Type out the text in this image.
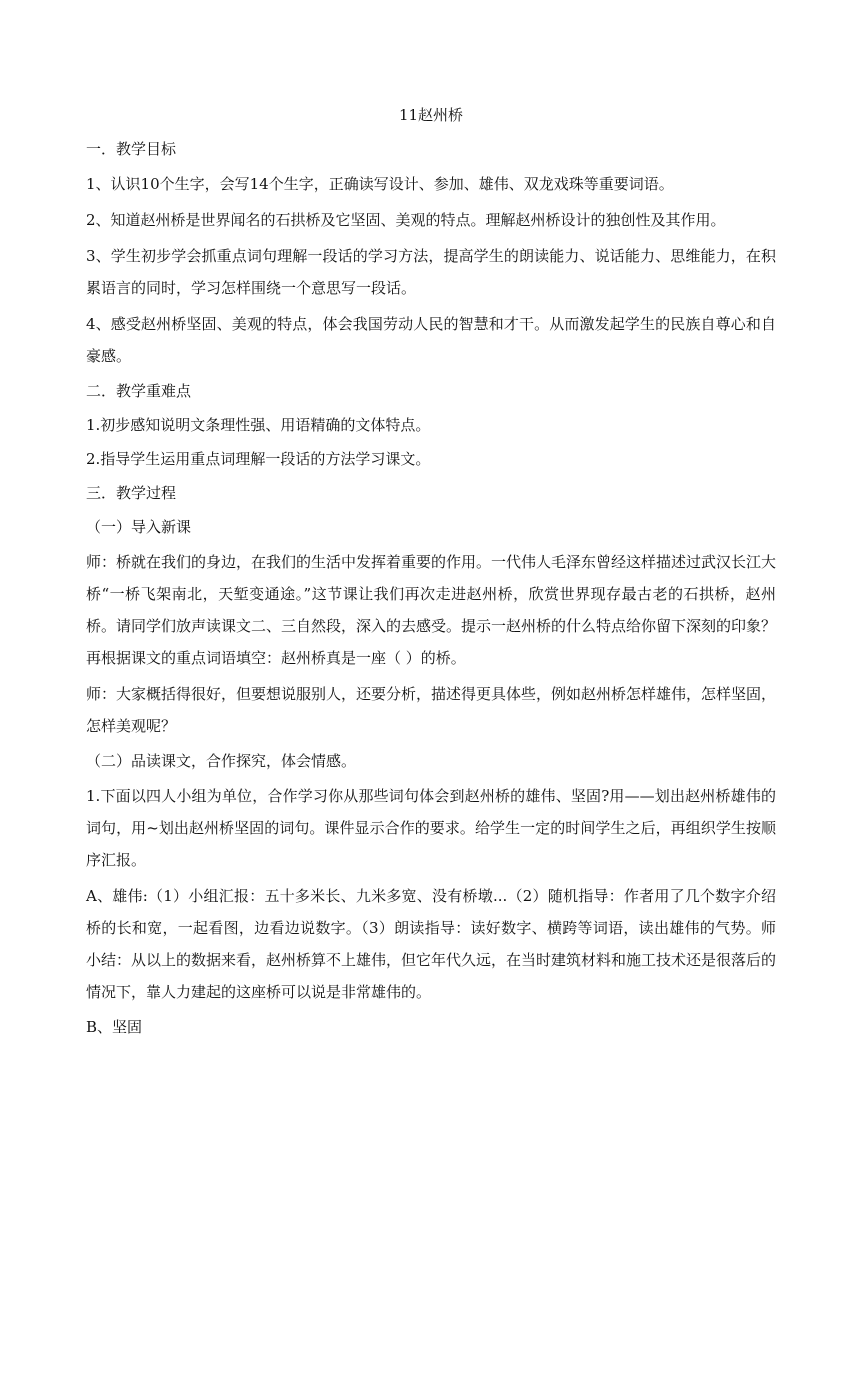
11赵州桥

一．教学目标

1、认识10个生字，会写14个生字，正确读写设计、参加、雄伟、双龙戏珠等重要词语。

2、知道赵州桥是世界闻名的石拱桥及它坚固、美观的特点。理解赵州桥设计的独创性及其作用。

3、学生初步学会抓重点词句理解一段话的学习方法，提高学生的朗读能力、说话能力、思维能力，在积累语言的同时，学习怎样围绕一个意思写一段话。

4、感受赵州桥坚固、美观的特点，体会我国劳动人民的智慧和才干。从而激发起学生的民族自尊心和自豪感。

二．教学重难点

1.初步感知说明文条理性强、用语精确的文体特点。

2.指导学生运用重点词理解一段话的方法学习课文。

三．教学过程

（一）导入新课

师：桥就在我们的身边，在我们的生活中发挥着重要的作用。一代伟人毛泽东曾经这样描述过武汉长江大桥“一桥飞架南北，天堑变通途。”这节课让我们再次走进赵州桥，欣赏世界现存最古老的石拱桥，赵州桥。请同学们放声读课文二、三自然段，深入的去感受。提示一赵州桥的什么特点给你留下深刻的印象？再根据课文的重点词语填空：赵州桥真是一座（ ）的桥。

师：大家概括得很好，但要想说服别人，还要分析，描述得更具体些，例如赵州桥怎样雄伟，怎样坚固，怎样美观呢？

（二）品读课文，合作探究，体会情感。

1.下面以四人小组为单位，合作学习你从那些词句体会到赵州桥的雄伟、坚固?用——划出赵州桥雄伟的词句，用~划出赵州桥坚固的词句。课件显示合作的要求。给学生一定的时间学生之后，再组织学生按顺序汇报。

A、雄伟:（1）小组汇报：五十多米长、九米多宽、没有桥墩...（2）随机指导：作者用了几个数字介绍桥的长和宽，一起看图，边看边说数字。（3）朗读指导：读好数字、横跨等词语，读出雄伟的气势。师小结：从以上的数据来看，赵州桥算不上雄伟，但它年代久远，在当时建筑材料和施工技术还是很落后的情况下，靠人力建起的这座桥可以说是非常雄伟的。

B、坚固
